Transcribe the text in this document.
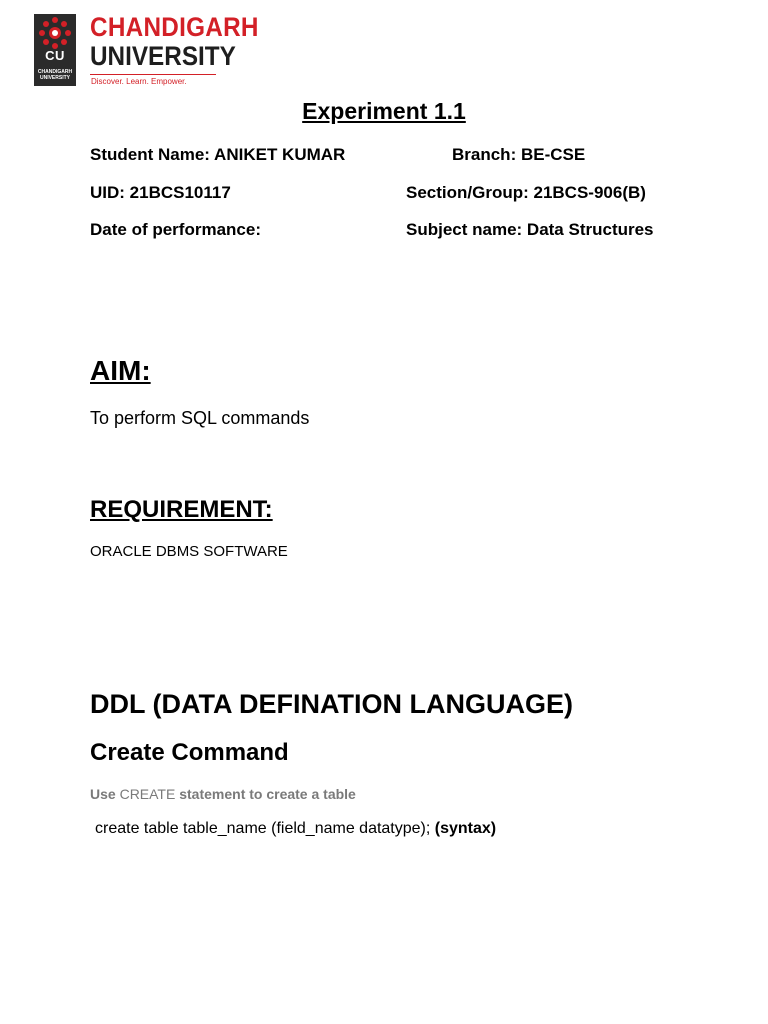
CU
CHANDIGARH
UNIVERSITY
CHANDIGARH
UNIVERSITY
Discover. Learn. Empower.
Experiment 1.1
Student Name: ANIKET KUMAR	Branch: BE-CSE
UID: 21BCS10117	Section/Group: 21BCS-906(B)
Date of performance:	Subject name: Data Structures
AIM:
To perform SQL commands
REQUIREMENT:
ORACLE DBMS SOFTWARE
DDL (DATA DEFINATION LANGUAGE)
Create Command
Use CREATE statement to create a table
create table table_name (field_name datatype); (syntax)
